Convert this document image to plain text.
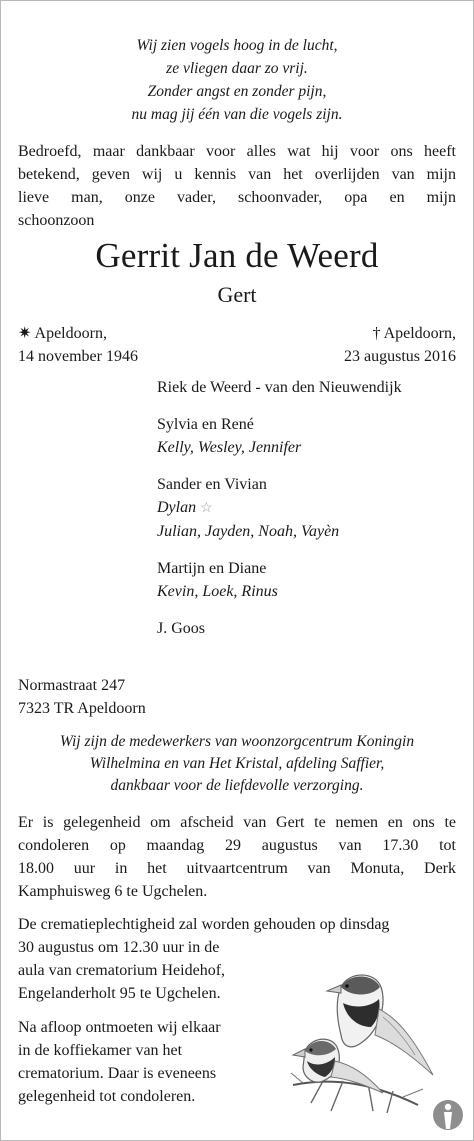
Wij zien vogels hoog in de lucht,
ze vliegen daar zo vrij.
Zonder angst en zonder pijn,
nu mag jij één van die vogels zijn.
Bedroefd, maar dankbaar voor alles wat hij voor ons heeft
betekend, geven wij u kennis van het overlijden van mijn
lieve man, onze vader, schoonvader, opa en mijn
schoonzoon
Gerrit Jan de Weerd
Gert
✷ Apeldoorn,
14 november 1946
† Apeldoorn,
23 augustus 2016
Riek de Weerd - van den Nieuwendijk
Sylvia en René
Kelly, Wesley, Jennifer
Sander en Vivian
Dylan ☆
Julian, Jayden, Noah, Vayèn
Martijn en Diane
Kevin, Loek, Rinus
J. Goos
Normastraat 247
7323 TR Apeldoorn
Wij zijn de medewerkers van woonzorgcentrum Koningin
Wilhelmina en van Het Kristal, afdeling Saffier,
dankbaar voor de liefdevolle verzorging.
Er is gelegenheid om afscheid van Gert te nemen en ons te
condoleren op maandag 29 augustus van 17.30 tot
18.00 uur in het uitvaartcentrum van Monuta, Derk
Kamphuisweg 6 te Ugchelen.
De crematieplechtigheid zal worden gehouden op dinsdag
30 augustus om 12.30 uur in de
aula van crematorium Heidehof,
Engelanderholt 95 te Ugchelen.
Na afloop ontmoeten wij elkaar
in de koffiekamer van het
crematorium. Daar is eveneens
gelegenheid tot condoleren.
